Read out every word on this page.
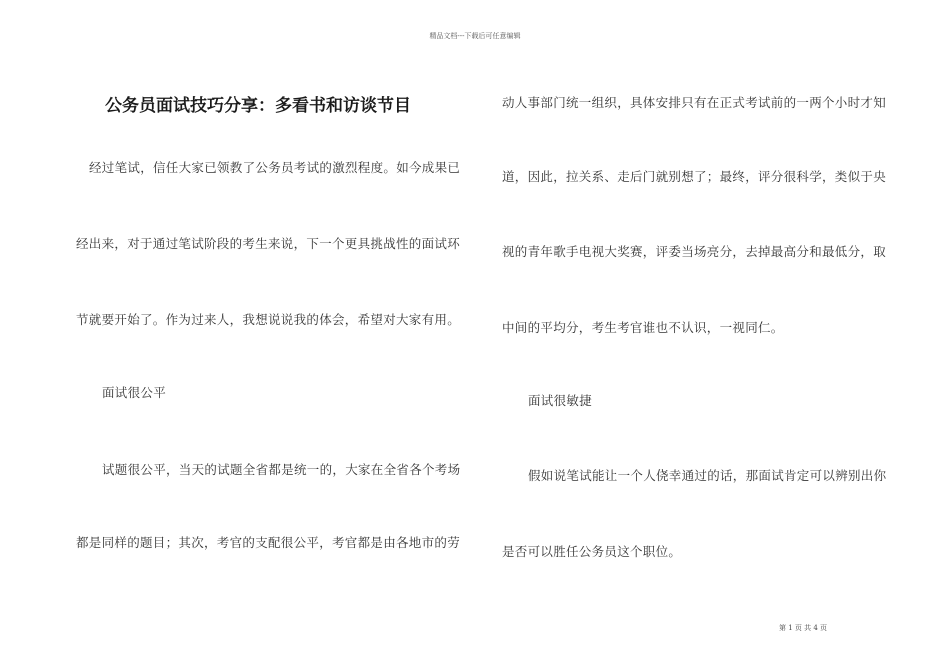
精品文档---下载后可任意编辑
公务员面试技巧分享：多看书和访谈节目
经过笔试，信任大家已领教了公务员考试的激烈程度。如今成果已
经出来，对于通过笔试阶段的考生来说，下一个更具挑战性的面试环
节就要开始了。作为过来人，我想说说我的体会，希望对大家有用。
面试很公平
试题很公平，当天的试题全省都是统一的，大家在全省各个考场
都是同样的题目；其次，考官的支配很公平，考官都是由各地市的劳
动人事部门统一组织，具体安排只有在正式考试前的一两个小时才知
道，因此，拉关系、走后门就别想了；最终，评分很科学，类似于央
视的青年歌手电视大奖赛，评委当场亮分，去掉最高分和最低分，取
中间的平均分，考生考官谁也不认识，一视同仁。
面试很敏捷
假如说笔试能让一个人侥幸通过的话，那面试肯定可以辨别出你
是否可以胜任公务员这个职位。
第 1 页 共 4 页
